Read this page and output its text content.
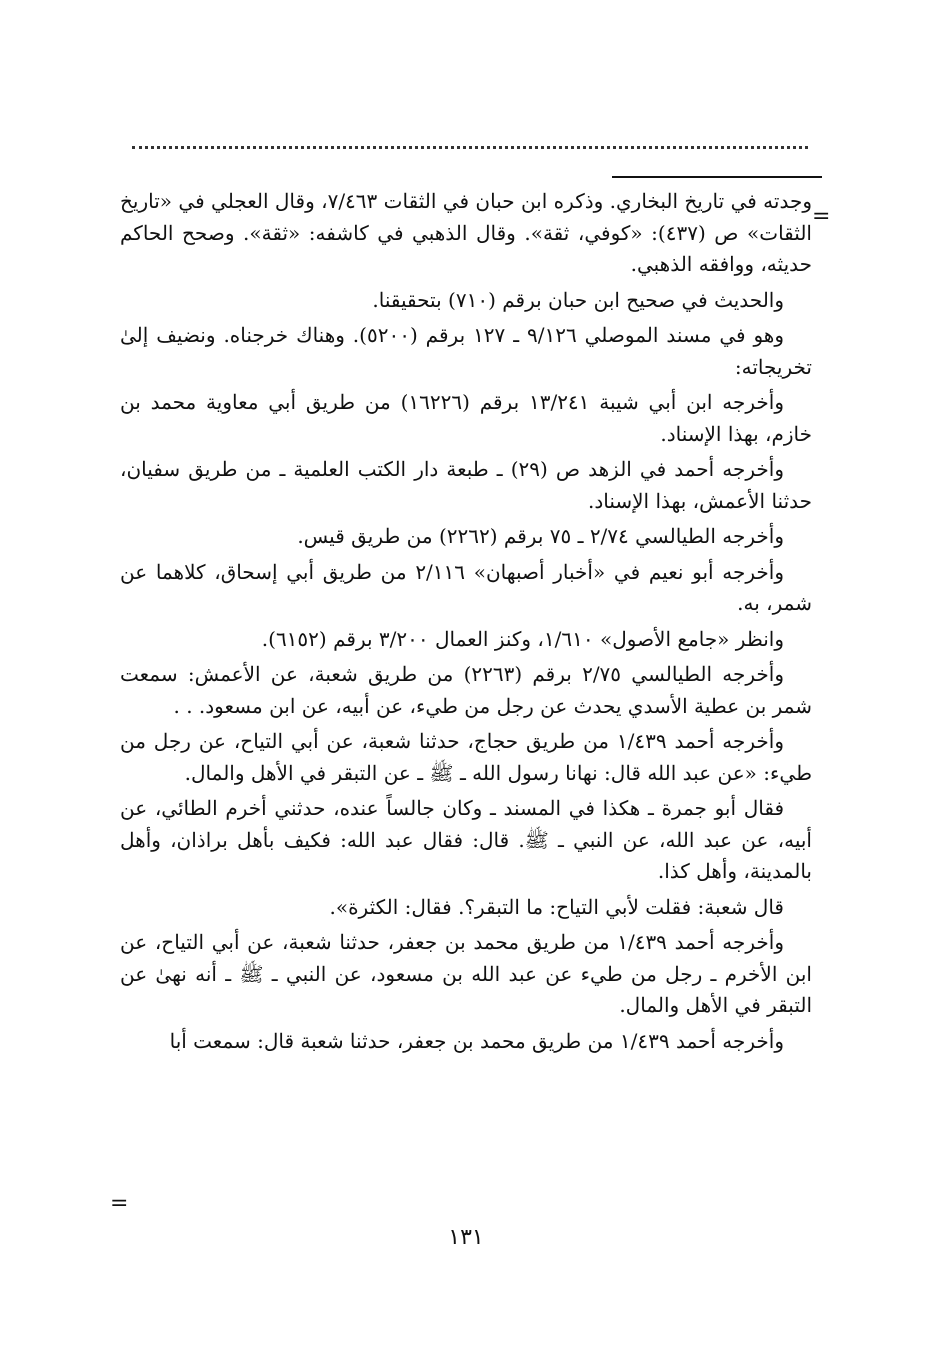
=

وجدته في تاريخ البخاري. وذكره ابن حبان في الثقات ٧/٤٦٣، وقال العجلي في «تاريخ الثقات» ص (٤٣٧): «كوفي، ثقة». وقال الذهبي في كاشفه: «ثقة». وصحح الحاكم حديثه، ووافقه الذهبي.

والحديث في صحيح ابن حبان برقم (٧١٠) بتحقيقنا.

وهو في مسند الموصلي ٩/١٢٦ ـ ١٢٧ برقم (٥٢٠٠). وهناك خرجناه. ونضيف إلىٰ تخريجاته:

وأخرجه ابن أبي شيبة ١٣/٢٤١ برقم (١٦٢٢٦) من طريق أبي معاوية محمد بن خازم، بهذا الإسناد.

وأخرجه أحمد في الزهد ص (٢٩) ـ طبعة دار الكتب العلمية ـ من طريق سفيان، حدثنا الأعمش، بهذا الإسناد.

وأخرجه الطيالسي ٢/٧٤ ـ ٧٥ برقم (٢٢٦٢) من طريق قيس.

وأخرجه أبو نعيم في «أخبار أصبهان» ٢/١١٦ من طريق أبي إسحاق، كلاهما عن شمر، به.

وانظر «جامع الأصول» ١/٦١٠، وكنز العمال ٣/٢٠٠ برقم (٦١٥٢).

وأخرجه الطيالسي ٢/٧٥ برقم (٢٢٦٣) من طريق شعبة، عن الأعمش: سمعت شمر بن عطية الأسدي يحدث عن رجل من طيء، عن أبيه، عن ابن مسعود. . .

وأخرجه أحمد ١/٤٣٩ من طريق حجاج، حدثنا شعبة، عن أبي التياح، عن رجل من طيء: «عن عبد الله قال: نهانا رسول الله ـ ﷺ ـ عن التبقر في الأهل والمال.

فقال أبو جمرة ـ هكذا في المسند ـ وكان جالساً عنده، حدثني أخرم الطائي، عن أبيه، عن عبد الله، عن النبي ـ ﷺ. قال: فقال عبد الله: فكيف بأهل براذان، وأهل بالمدينة، وأهل كذا.

قال شعبة: فقلت لأبي التياح: ما التبقر؟. فقال: الكثرة».

وأخرجه أحمد ١/٤٣٩ من طريق محمد بن جعفر، حدثنا شعبة، عن أبي التياح، عن ابن الأخرم ـ رجل من طيء عن عبد الله بن مسعود، عن النبي ـ ﷺ ـ أنه نهىٰ عن التبقر في الأهل والمال.

وأخرجه أحمد ١/٤٣٩ من طريق محمد بن جعفر، حدثنا شعبة قال: سمعت أبا

=
١٣١
